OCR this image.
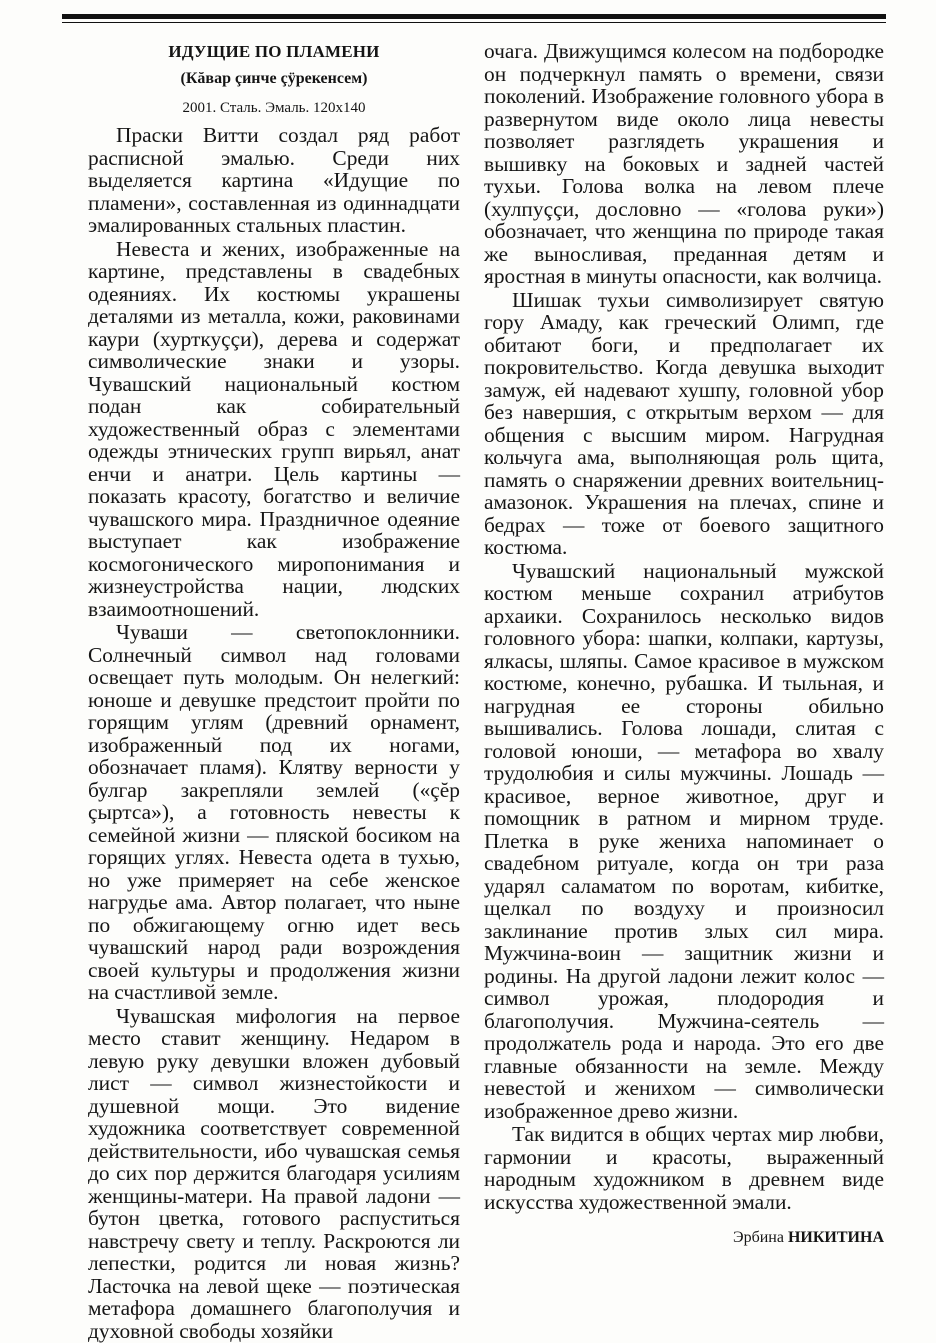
ИДУЩИЕ ПО ПЛАМЕНИ
(Кăвар çинче çÿрекенсем)
2001. Сталь. Эмаль. 120х140

Праски Витти создал ряд работ расписной эмалью. Среди них выделяется картина «Идущие по пламени», составленная из одиннадцати эмалированных стальных пластин.

Невеста и жених, изображенные на картине, представлены в свадебных одеяниях. Их костюмы украшены деталями из металла, кожи, раковинами каури (хурткуççи), дерева и содержат символические знаки и узоры. Чувашский национальный костюм подан как собирательный художественный образ с элементами одежды этнических групп вирьял, анат енчи и анатри. Цель картины — показать красоту, богатство и величие чувашского мира. Праздничное одеяние выступает как изображение космогонического миропонимания и жизнеустройства нации, людских взаимоотношений.

Чуваши — светопоклонники. Солнечный символ над головами освещает путь молодым. Он нелегкий: юноше и девушке предстоит пройти по горящим углям (древний орнамент, изображенный под их ногами, обозначает пламя). Клятву верности у булгар закрепляли землей («çĕр çыртса»), а готовность невесты к семейной жизни — пляской босиком на горящих углях. Невеста одета в тухью, но уже примеряет на себе женское нагрудье ама. Автор полагает, что ныне по обжигающему огню идет весь чувашский народ ради возрождения своей культуры и продолжения жизни на счастливой земле.

Чувашская мифология на первое место ставит женщину. Недаром в левую руку девушки вложен дубовый лист — символ жизнестойкости и душевной мощи. Это видение художника соответствует современной действительности, ибо чувашская семья до сих пор держится благодаря усилиям женщины-матери. На правой ладони — бутон цветка, готового распуститься навстречу свету и теплу. Раскроются ли лепестки, родится ли новая жизнь? Ласточка на левой щеке — поэтическая метафора домашнего благополучия и духовной свободы хозяйки

очага. Движущимся колесом на подбородке он подчеркнул память о времени, связи поколений. Изображение головного убора в развернутом виде около лица невесты позволяет разглядеть украшения и вышивку на боковых и задней частей тухьи. Голова волка на левом плече (хулпуççи, дословно — «голова руки») обозначает, что женщина по природе такая же выносливая, преданная детям и яростная в минуты опасности, как волчица.

Шишак тухьи символизирует святую гору Амаду, как греческий Олимп, где обитают боги, и предполагает их покровительство. Когда девушка выходит замуж, ей надевают хушпу, головной убор без навершия, с открытым верхом — для общения с высшим миром. Нагрудная кольчуга ама, выполняющая роль щита, память о снаряжении древних воительниц-амазонок. Украшения на плечах, спине и бедрах — тоже от боевого защитного костюма.

Чувашский национальный мужской костюм меньше сохранил атрибутов архаики. Сохранилось несколько видов головного убора: шапки, колпаки, картузы, ялкасы, шляпы. Самое красивое в мужском костюме, конечно, рубашка. И тыльная, и нагрудная ее стороны обильно вышивались. Голова лошади, слитая с головой юноши, — метафора во хвалу трудолюбия и силы мужчины. Лошадь — красивое, верное животное, друг и помощник в ратном и мирном труде. Плетка в руке жениха напоминает о свадебном ритуале, когда он три раза ударял саламатом по воротам, кибитке, щелкал по воздуху и произносил заклинание против злых сил мира. Мужчина-воин — защитник жизни и родины. На другой ладони лежит колос — символ урожая, плодородия и благополучия. Мужчина-сеятель — продолжатель рода и народа. Это его две главные обязанности на земле. Между невестой и женихом — символически изображенное древо жизни.

Так видится в общих чертах мир любви, гармонии и красоты, выраженный народным художником в древнем виде искусства художественной эмали.

Эрбина НИКИТИНА
